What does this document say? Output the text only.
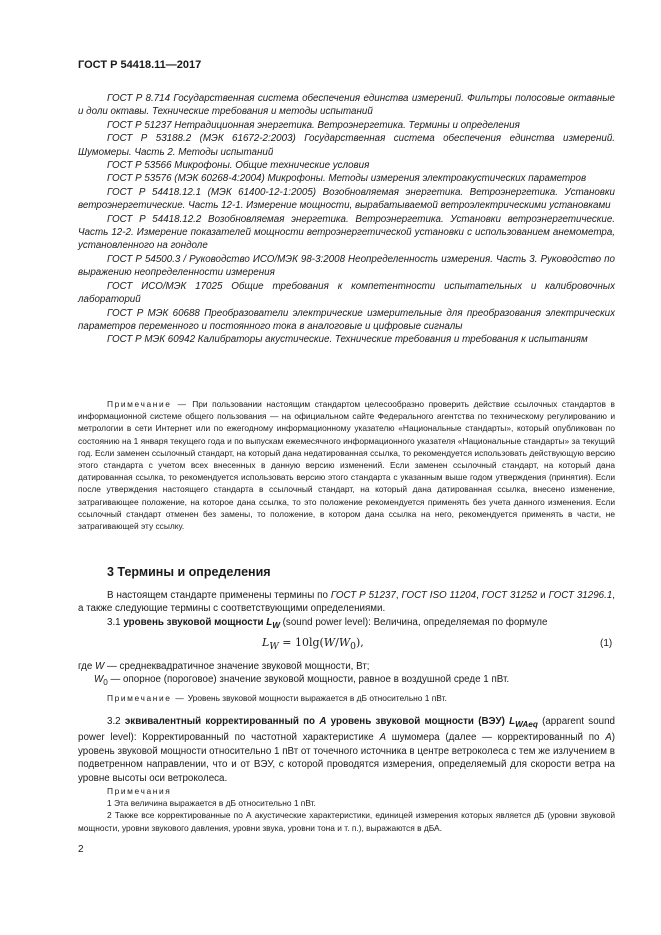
ГОСТ Р 54418.11—2017

ГОСТ Р 8.714 Государственная система обеспечения единства измерений. Фильтры полосовые октавные и доли октавы. Технические требования и методы испытаний

ГОСТ Р 51237 Нетрадиционная энергетика. Ветроэнергетика. Термины и определения

ГОСТ Р 53188.2 (МЭК 61672-2:2003) Государственная система обеспечения единства измерений. Шумомеры. Часть 2. Методы испытаний

ГОСТ Р 53566 Микрофоны. Общие технические условия

ГОСТ Р 53576 (МЭК 60268-4:2004) Микрофоны. Методы измерения электроакустических параметров

ГОСТ Р 54418.12.1 (МЭК 61400-12-1:2005) Возобновляемая энергетика. Ветроэнергетика. Установки ветроэнергетические. Часть 12-1. Измерение мощности, вырабатываемой ветроэлектрическими установками

ГОСТ Р 54418.12.2 Возобновляемая энергетика. Ветроэнергетика. Установки ветроэнергетические. Часть 12-2. Измерение показателей мощности ветроэнергетической установки с использованием анемометра, установленного на гондоле

ГОСТ Р 54500.3 / Руководство ИСО/МЭК 98-3:2008 Неопределенность измерения. Часть 3. Руководство по выражению неопределенности измерения

ГОСТ ИСО/МЭК 17025 Общие требования к компетентности испытательных и калибровочных лабораторий

ГОСТ Р МЭК 60688 Преобразователи электрические измерительные для преобразования электрических параметров переменного и постоянного тока в аналоговые и цифровые сигналы

ГОСТ Р МЭК 60942 Калибраторы акустические. Технические требования и требования к испытаниям

Примечание — При пользовании настоящим стандартом целесообразно проверить действие ссылочных стандартов в информационной системе общего пользования — на официальном сайте Федерального агентства по техническому регулированию и метрологии в сети Интернет или по ежегодному информационному указателю «Национальные стандарты», который опубликован по состоянию на 1 января текущего года и по выпускам ежемесячного информационного указателя «Национальные стандарты» за текущий год. Если заменен ссылочный стандарт, на который дана недатированная ссылка, то рекомендуется использовать действующую версию этого стандарта с учетом всех внесенных в данную версию изменений. Если заменен ссылочный стандарт, на который дана датированная ссылка, то рекомендуется использовать версию этого стандарта с указанным выше годом утверждения (принятия). Если после утверждения настоящего стандарта в ссылочный стандарт, на который дана датированная ссылка, внесено изменение, затрагивающее положение, на которое дана ссылка, то это положение рекомендуется применять без учета данного изменения. Если ссылочный стандарт отменен без замены, то положение, в котором дана ссылка на него, рекомендуется применять в части, не затрагивающей эту ссылку.

3 Термины и определения

В настоящем стандарте применены термины по ГОСТ Р 51237, ГОСТ ISO 11204, ГОСТ 31252 и ГОСТ 31296.1, а также следующие термины с соответствующими определениями.

3.1 уровень звуковой мощности $L_W$ (sound power level): Величина, определяемая по формуле

$L_W = 10\lg(W/W_0)$,	(1)
где W — среднеквадратичное значение звуковой мощности, Вт;
$W_0$ — опорное (пороговое) значение звуковой мощности, равное в воздушной среде 1 пВт.
Примечание — Уровень звуковой мощности выражается в дБ относительно 1 пВт.

3.2 эквивалентный корректированный по А уровень звуковой мощности (ВЭУ) $L_{WAeq}$ (apparent sound power level): Корректированный по частотной характеристике А шумомера (далее — корректированный по А) уровень звуковой мощности относительно 1 пВт от точечного источника в центре ветроколеса с тем же излучением в подветренном направлении, что и от ВЭУ, с которой проводятся измерения, определяемый для скорости ветра на уровне высоты оси ветроколеса.

Примечания

1 Эта величина выражается в дБ относительно 1 пВт.

2 Также все корректированные по А акустические характеристики, единицей измерения которых является дБ (уровни звуковой мощности, уровни звукового давления, уровни звука, уровни тона и т. п.), выражаются в дБА.

2
